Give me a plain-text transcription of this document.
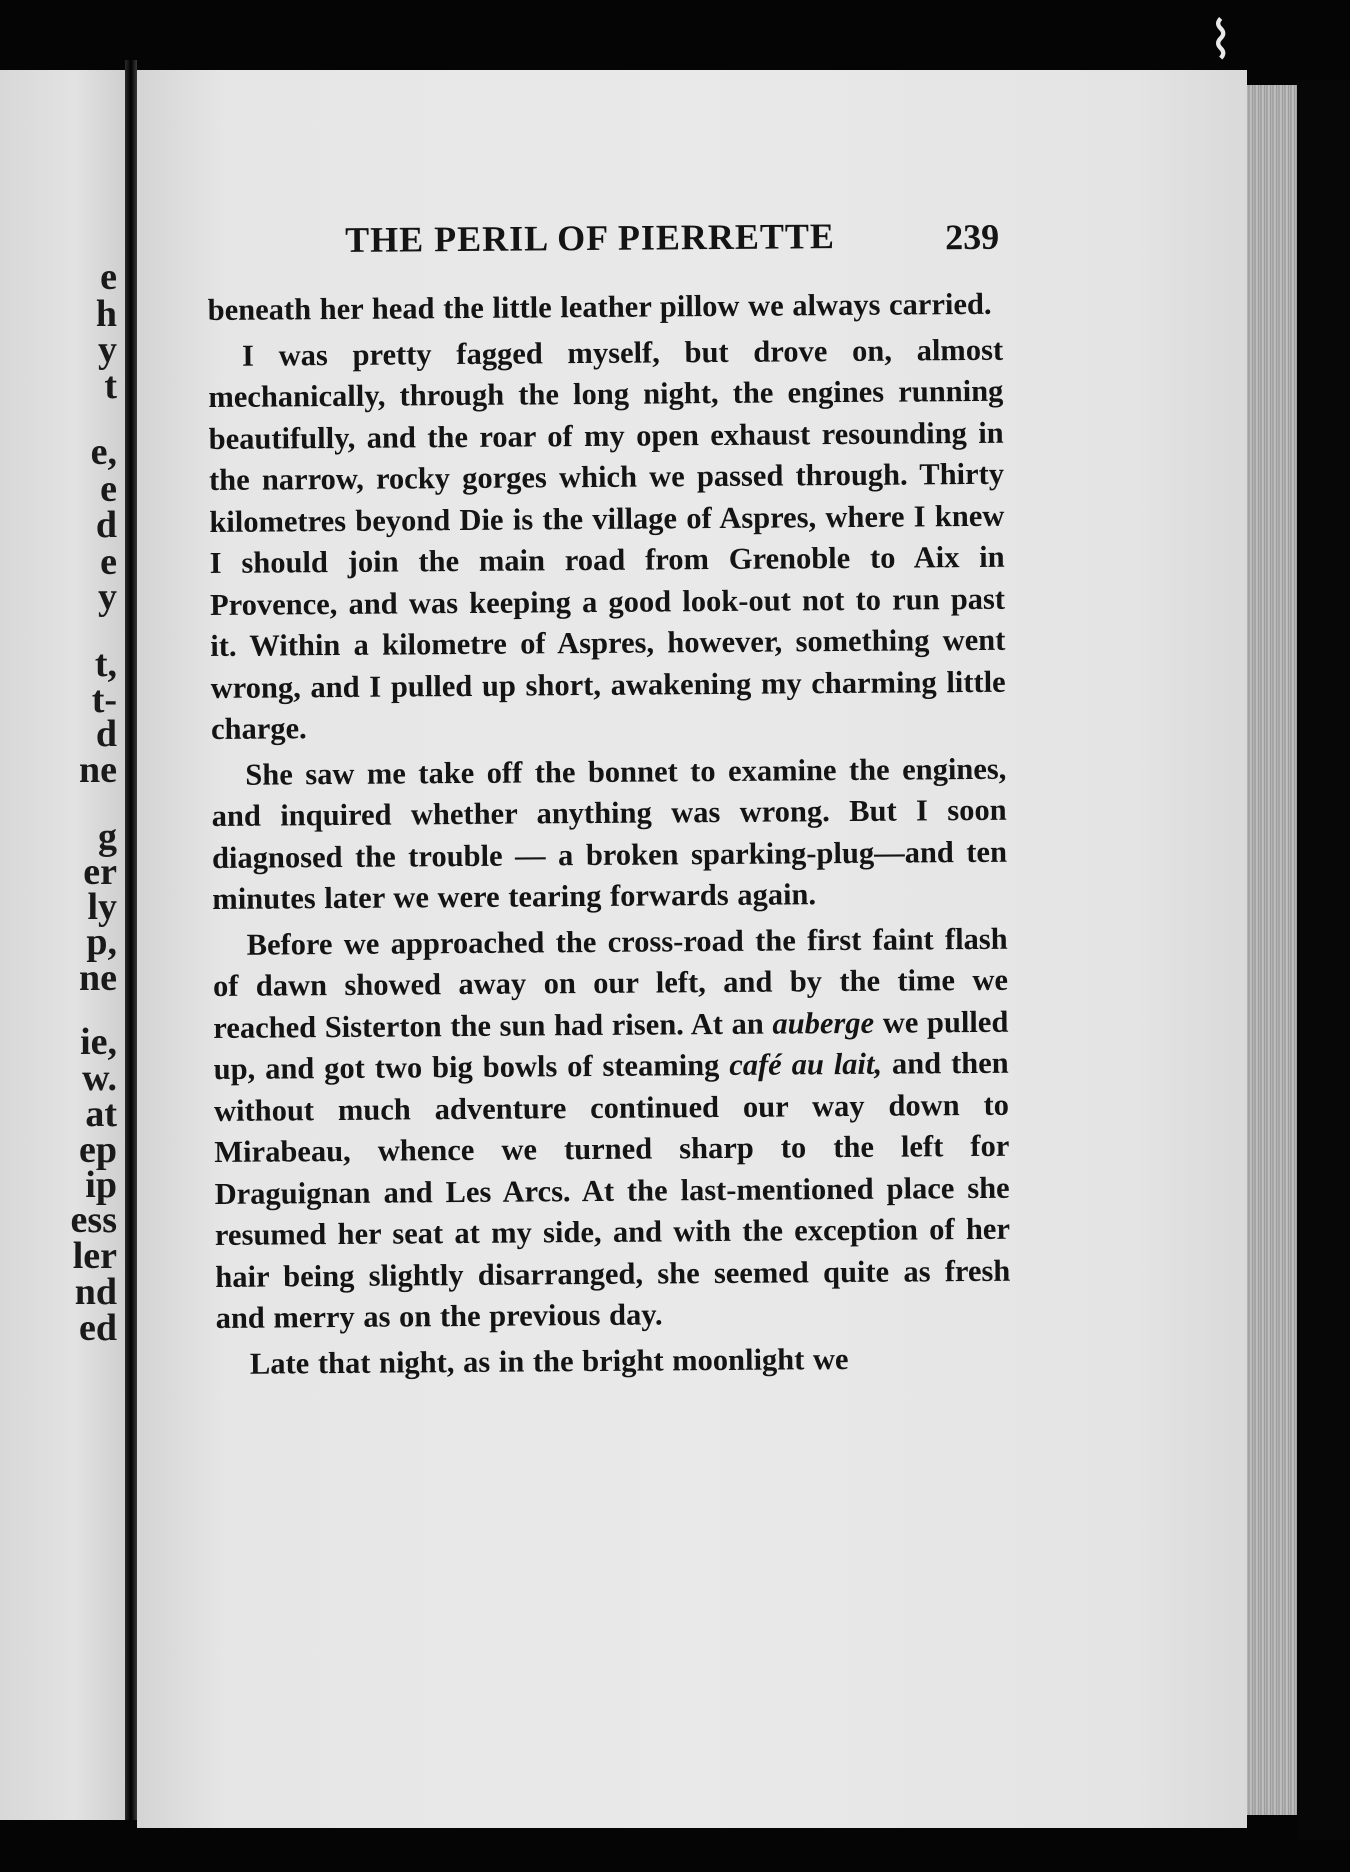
e
h
y
t
e,
e
d
e
y
t,
t-
d
ne
g
er
ly
p,
ne
ie,
w.
at
ep
ip
ess
ler
nd
ed
⌇
THE PERIL OF PIERRETTE	239

beneath her head the little leather pillow we always carried.

I was pretty fagged myself, but drove on, almost mechanically, through the long night, the engines running beautifully, and the roar of my open exhaust resounding in the narrow, rocky gorges which we passed through. Thirty kilometres beyond Die is the village of Aspres, where I knew I should join the main road from Grenoble to Aix in Provence, and was keeping a good look-out not to run past it. Within a kilometre of Aspres, however, something went wrong, and I pulled up short, awakening my charming little charge.

She saw me take off the bonnet to examine the engines, and inquired whether anything was wrong. But I soon diagnosed the trouble — a broken sparking-plug—and ten minutes later we were tearing forwards again.

Before we approached the cross-road the first faint flash of dawn showed away on our left, and by the time we reached Sisterton the sun had risen. At an auberge we pulled up, and got two big bowls of steaming café au lait, and then without much adventure continued our way down to Mirabeau, whence we turned sharp to the left for Draguignan and Les Arcs. At the last-mentioned place she resumed her seat at my side, and with the exception of her hair being slightly disarranged, she seemed quite as fresh and merry as on the previous day.

Late that night, as in the bright moonlight we
